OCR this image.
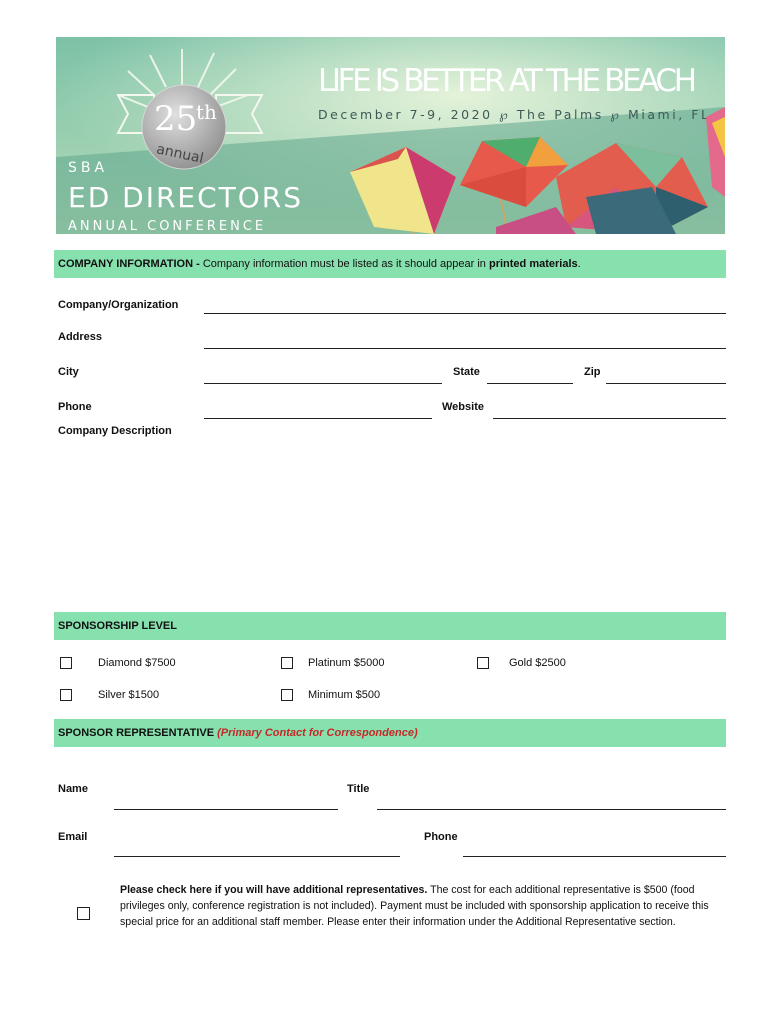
25
th
annual
SBA
ED DIRECTORS
ANNUAL CONFERENCE
LIFE IS BETTER AT THE BEACH
December 7-9, 2020 ℘ The Palms ℘ Miami, FL
COMPANY INFORMATION - Company information must be listed as it should appear in printed materials.
Company/Organization
Address
City	State	Zip
Phone	Website
Company Description
SPONSORSHIP LEVEL
Diamond $7500	Platinum $5000	Gold $2500
Silver $1500	Minimum $500
SPONSOR REPRESENTATIVE (Primary Contact for Correspondence)
Name	Title
Email	Phone
Please check here if you will have additional representatives. The cost for each additional representative is $500 (food privileges only, conference registration is not included). Payment must be included with sponsorship application to receive this special price for an additional staff member. Please enter their information under the Additional Representative section.
